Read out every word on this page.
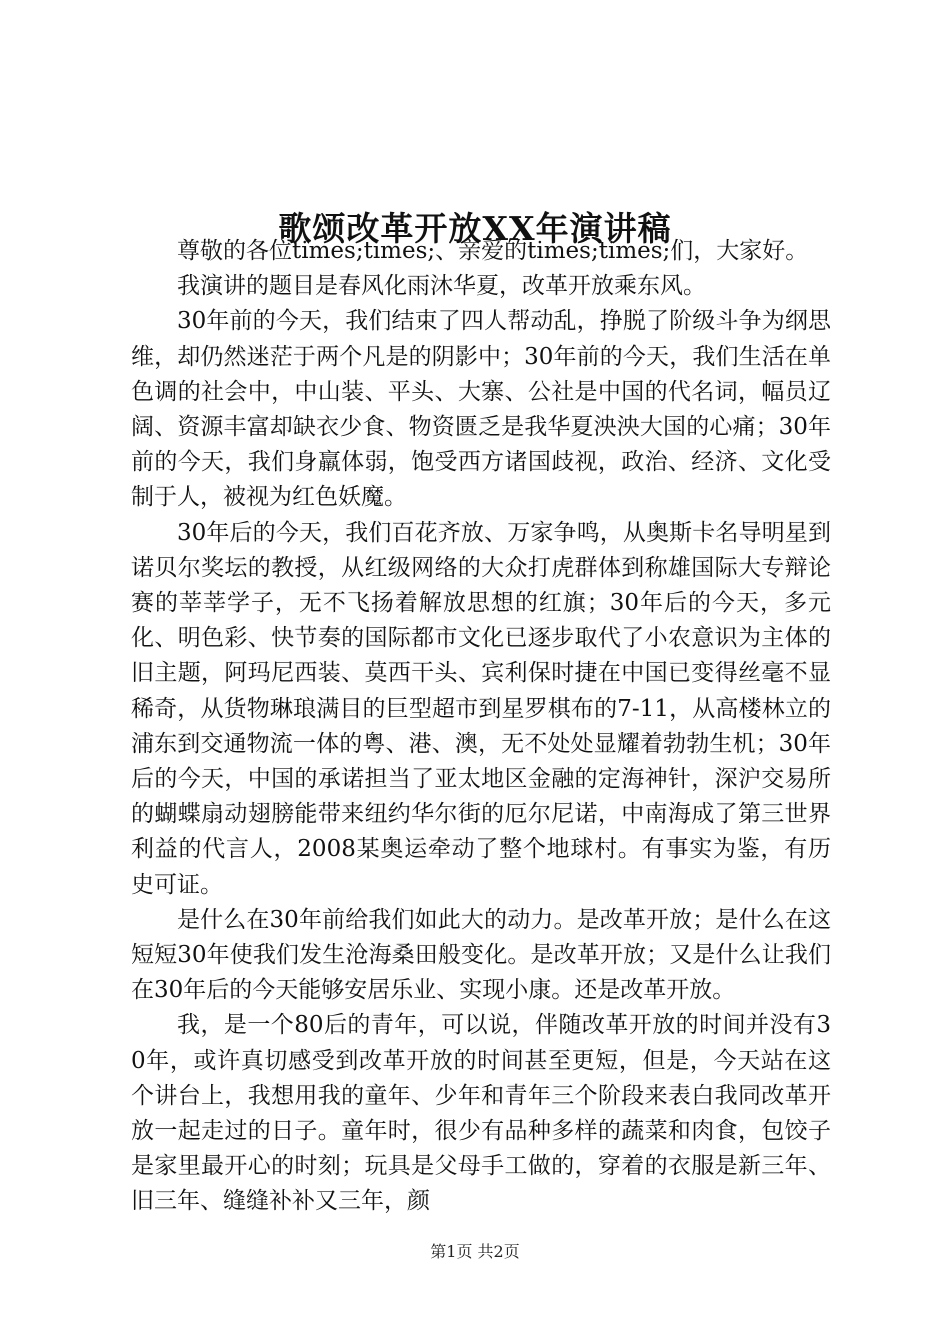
歌颂改革开放XX年演讲稿

尊敬的各位times;times;、亲爱的times;times;们，大家好。

我演讲的题目是春风化雨沐华夏，改革开放乘东风。

30年前的今天，我们结束了四人帮动乱，挣脱了阶级斗争为纲思维，却仍然迷茫于两个凡是的阴影中；30年前的今天，我们生活在单色调的社会中，中山装、平头、大寨、公社是中国的代名词，幅员辽阔、资源丰富却缺衣少食、物资匮乏是我华夏泱泱大国的心痛；30年前的今天，我们身羸体弱，饱受西方诸国歧视，政治、经济、文化受制于人，被视为红色妖魔。

30年后的今天，我们百花齐放、万家争鸣，从奥斯卡名导明星到诺贝尔奖坛的教授，从红级网络的大众打虎群体到称雄国际大专辩论赛的莘莘学子，无不飞扬着解放思想的红旗；30年后的今天，多元化、明色彩、快节奏的国际都市文化已逐步取代了小农意识为主体的旧主题，阿玛尼西装、莫西干头、宾利保时捷在中国已变得丝毫不显稀奇，从货物琳琅满目的巨型超市到星罗棋布的7-11，从高楼林立的浦东到交通物流一体的粤、港、澳，无不处处显耀着勃勃生机；30年后的今天，中国的承诺担当了亚太地区金融的定海神针，深沪交易所的蝴蝶扇动翅膀能带来纽约华尔街的厄尔尼诺，中南海成了第三世界利益的代言人，2008某奥运牵动了整个地球村。有事实为鉴，有历史可证。

是什么在30年前给我们如此大的动力。是改革开放；是什么在这短短30年使我们发生沧海桑田般变化。是改革开放；又是什么让我们在30年后的今天能够安居乐业、实现小康。还是改革开放。

我，是一个80后的青年，可以说，伴随改革开放的时间并没有30年，或许真切感受到改革开放的时间甚至更短，但是，今天站在这个讲台上，我想用我的童年、少年和青年三个阶段来表白我同改革开放一起走过的日子。童年时，很少有品种多样的蔬菜和肉食，包饺子是家里最开心的时刻；玩具是父母手工做的，穿着的衣服是新三年、旧三年、缝缝补补又三年，颜

第1页 共2页
